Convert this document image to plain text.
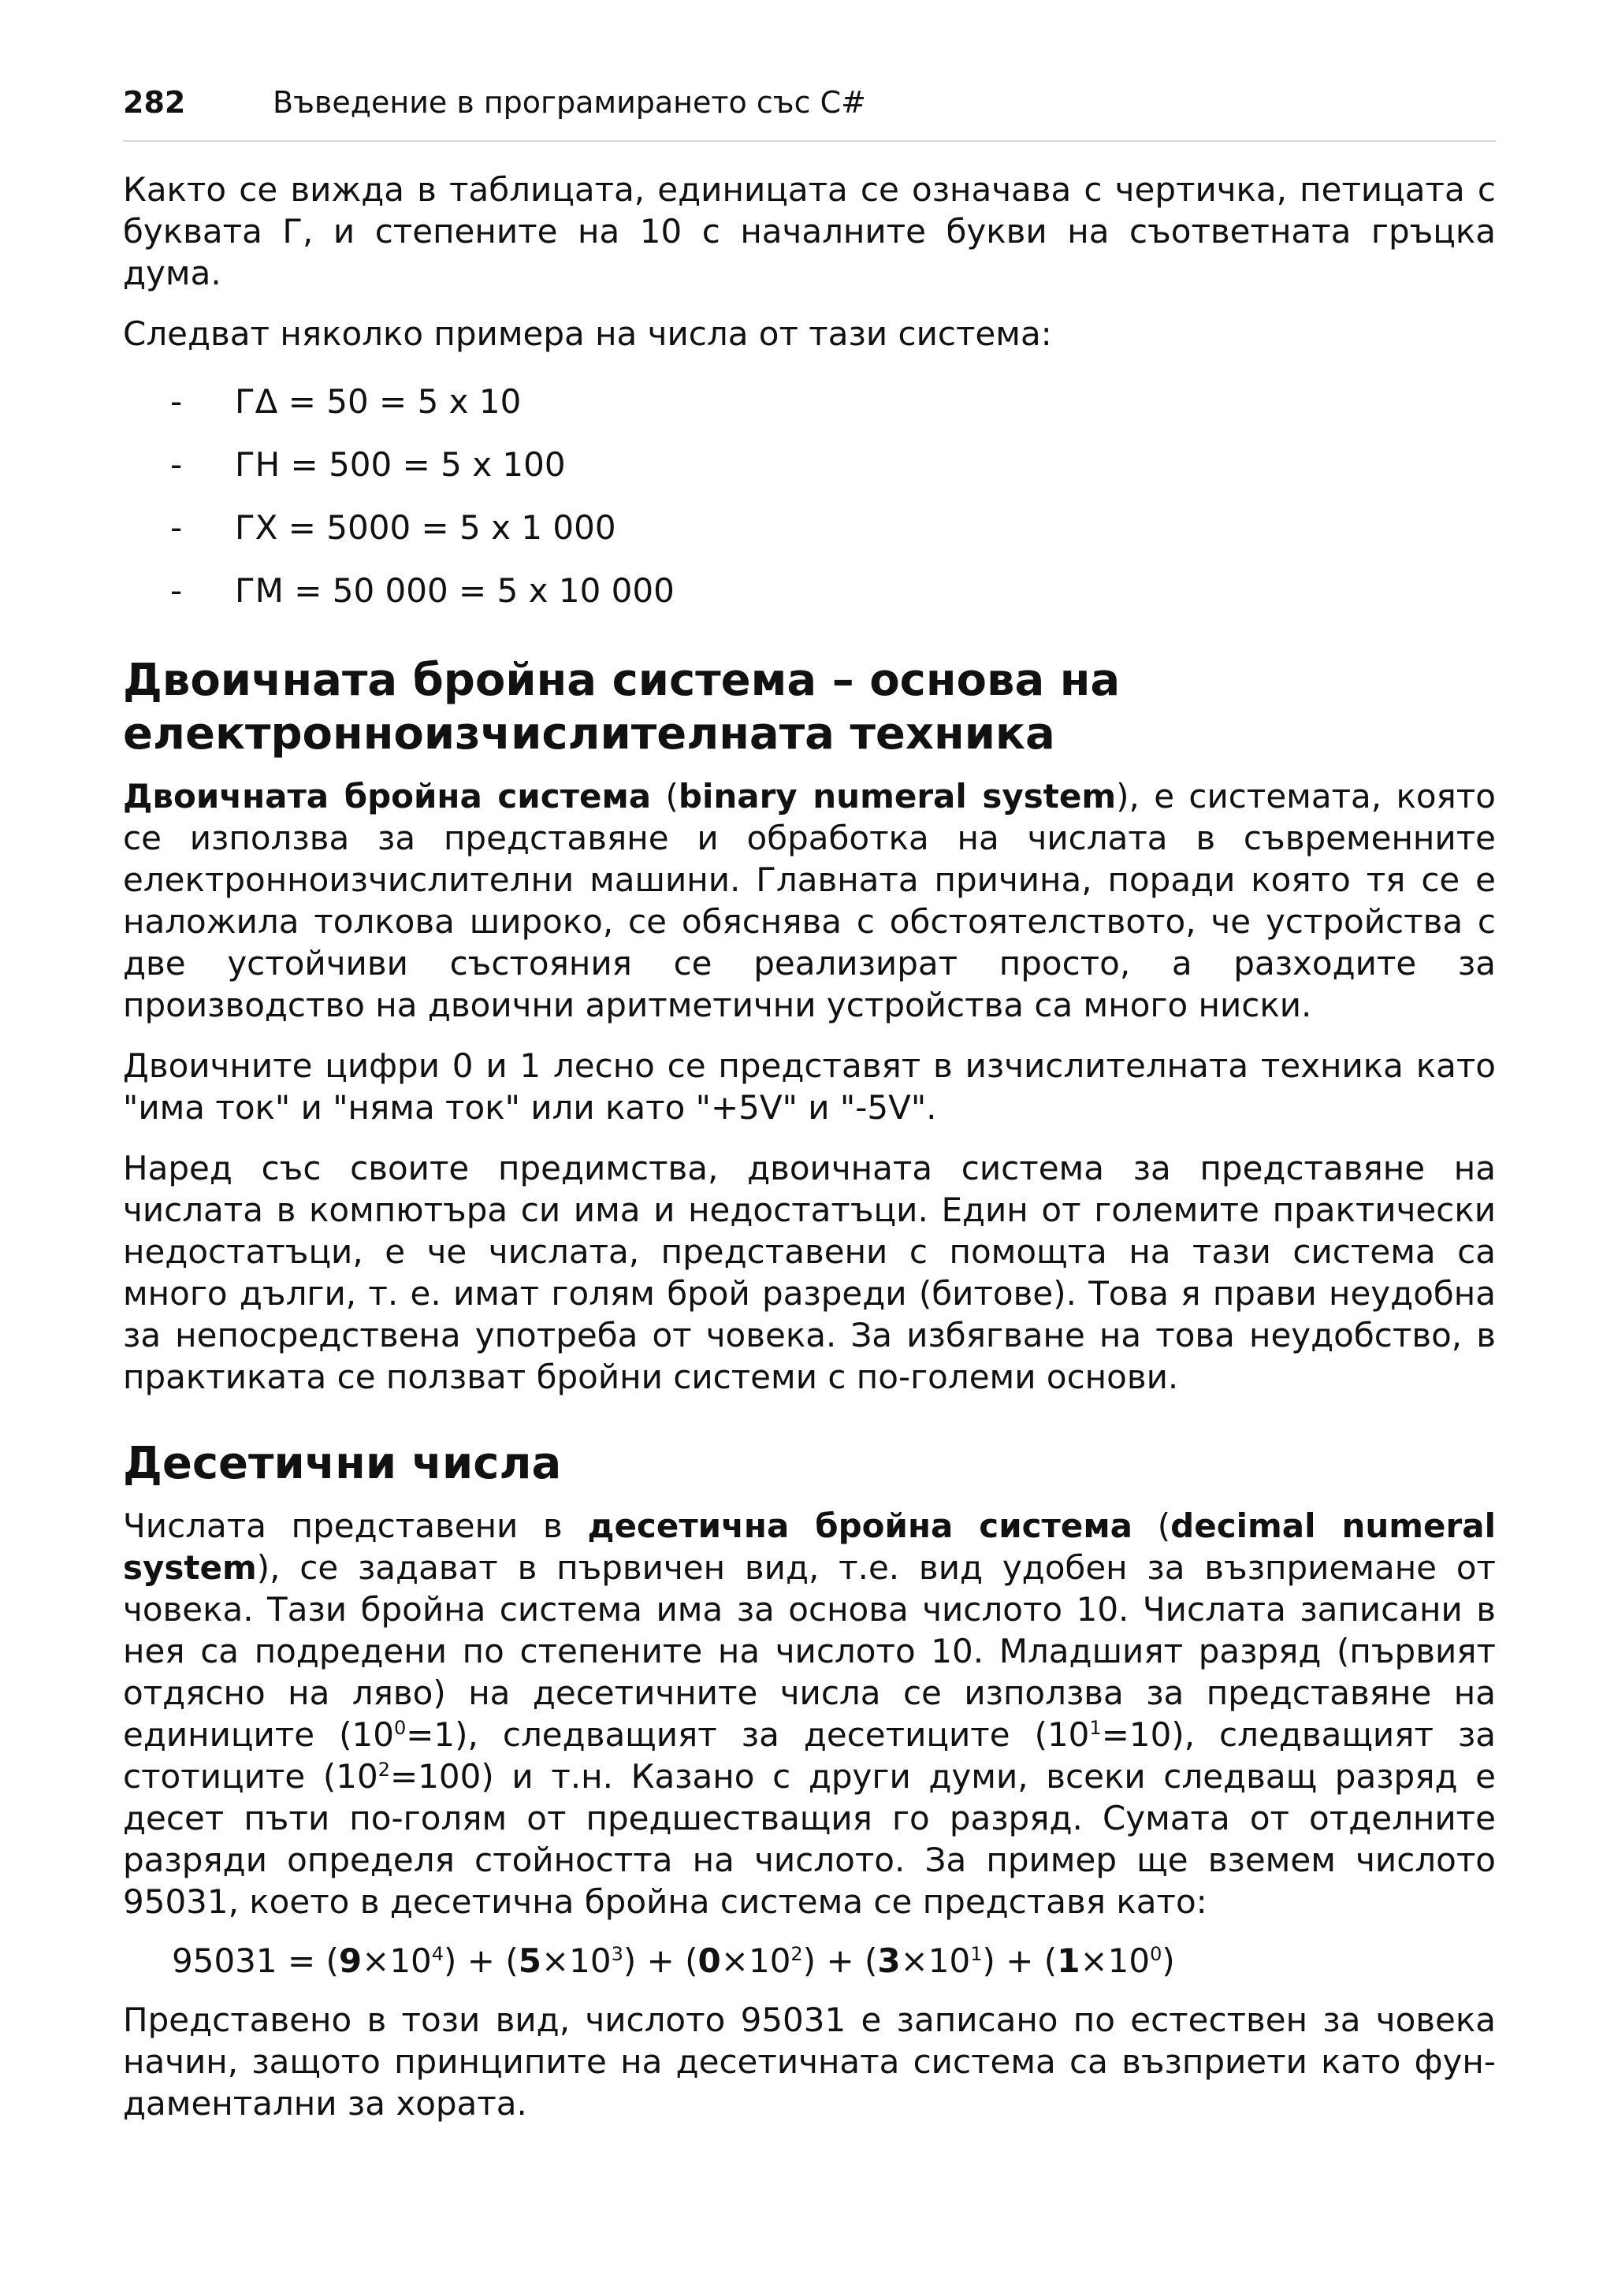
282	Въведение в програмирането със C#

Както се вижда в таблицата, единицата се означава с чертичка, петицата с буквата Г, и степените на 10 с началните букви на съответната гръцка дума.

Следват няколко примера на числа от тази система:

- ГΔ = 50 = 5 x 10
- ГН = 500 = 5 x 100
- ГХ = 5000 = 5 x 1 000
- ГМ = 50 000 = 5 x 10 000
Двоичната бройна система – основа на електронноизчислителната техника

Двоичната бройна система (binary numeral system), е системата, която се използва за представяне и обработка на числата в съвременните електронноизчислителни машини. Главната причина, поради която тя се е наложила толкова широко, се обяснява с обстоятелството, че устройства с две устойчиви състояния се реализират просто, а разходите за производство на двоични аритметични устройства са много ниски.

Двоичните цифри 0 и 1 лесно се представят в изчислителната техника като "има ток" и "няма ток" или като "+5V" и "-5V".

Наред със своите предимства, двоичната система за представяне на числата в компютъра си има и недостатъци. Един от големите практически недостатъци, е че числата, представени с помощта на тази система са много дълги, т. е. имат голям брой разреди (битове). Това я прави неудобна за непосредствена употреба от човека. За избягване на това неудобство, в практиката се ползват бройни системи с по-големи основи.

Десетични числа

Числата представени в десетична бройна система (decimal numeral system), се задават в първичен вид, т.е. вид удобен за възприемане от човека. Тази бройна система има за основа числото 10. Числата записани в нея са подредени по степените на числото 10. Младшият разряд (първият отдясно на ляво) на десетичните числа се използва за представяне на единиците $(10^0=1)$, следващият за десетиците $(10^1=10)$, следващият за стотиците $(10^2=100)$ и т.н. Казано с други думи, всеки следващ разряд е десет пъти по-голям от предшестващия го разряд. Сумата от отделните разряди определя стойността на числото. За пример ще вземем числото 95031, което в десетична бройна система се представя като:

$95031 = (9\times 10^4) + (5\times 10^3) + (0\times 10^2) + (3\times 10^1) + (1\times 10^0)$

Представено в този вид, числото 95031 е записано по естествен за човека начин, защото принципите на десетичната система са възприети като фун-даментални за хората.
